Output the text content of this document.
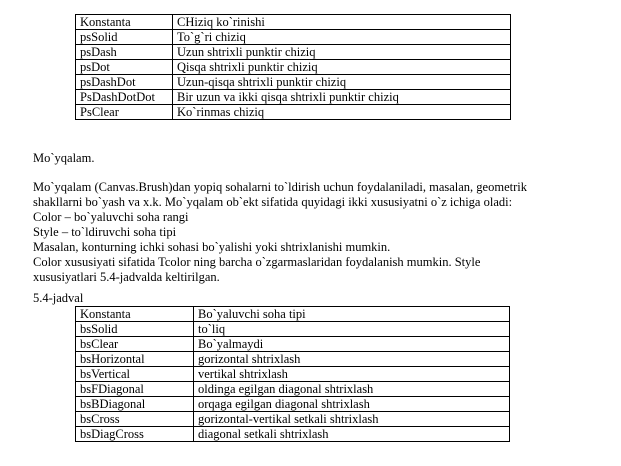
Konstanta	CHiziq ko`rinishi
psSolid	To`g`ri chiziq
psDash	Uzun shtrixli punktir chiziq
psDot	Qisqa shtrixli punktir chiziq
psDashDot	Uzun-qisqa shtrixli punktir chiziq
PsDashDotDot	Bir uzun va ikki qisqa shtrixli punktir chiziq
PsClear	Ko`rinmas chiziq
Mo`yqalam.
Mo`yqalam (Canvas.Brush)dan yopiq sohalarni to`ldirish uchun foydalaniladi, masalan, geometrik
shakllarni bo`yash va x.k. Mo`yqalam ob`ekt sifatida quyidagi ikki xususiyatni o`z ichiga oladi:
Color – bo`yaluvchi soha rangi
Style – to`ldiruvchi soha tipi
Masalan, konturning ichki sohasi bo`yalishi yoki shtrixlanishi mumkin.
Color xususiyati sifatida Tcolor ning barcha o`zgarmaslaridan foydalanish mumkin. Style
xususiyatlari 5.4-jadvalda keltirilgan.
5.4-jadval
Konstanta	Bo`yaluvchi soha tipi
bsSolid	to`liq
bsClear	Bo`yalmaydi
bsHorizontal	gorizontal shtrixlash
bsVertical	vertikal shtrixlash
bsFDiagonal	oldinga egilgan diagonal shtrixlash
bsBDiagonal	orqaga egilgan diagonal shtrixlash
bsCross	gorizontal-vertikal setkali shtrixlash
bsDiagCross	diagonal setkali shtrixlash
